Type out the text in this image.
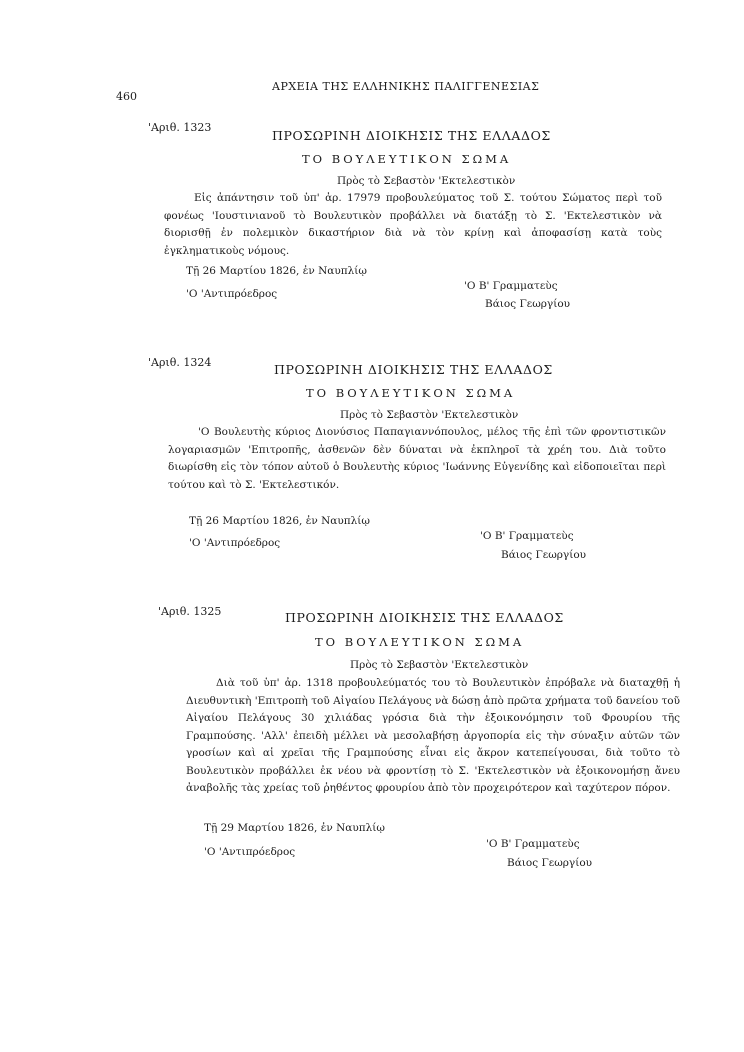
460
ΑΡΧΕΙΑ ΤΗΣ ΕΛΛΗΝΙΚΗΣ ΠΑΛΙΓΓΕΝΕΣΙΑΣ
'Αριθ. 1323
ΠΡΟΣΩΡΙΝΗ ΔΙΟΙΚΗΣΙΣ ΤΗΣ ΕΛΛΑΔΟΣ
ΤΟ ΒΟΥΛΕΥΤΙΚΟΝ ΣΩΜΑ
Πρὸς τὸ Σεβαστὸν 'Εκτελεστικὸν

Εἰς ἀπάντησιν τοῦ ὑπ' ἀρ. 17979 προβουλεύματος τοῦ Σ. τούτου Σώματος περὶ τοῦ φονέως 'Ιουστινιανοῦ τὸ Βουλευτικὸν προβάλλει νὰ διατάξῃ τὸ Σ. 'Εκτελεστικὸν νὰ διορισθῇ ἐν πολεμικὸν δικαστήριον διὰ νὰ τὸν κρίνῃ καὶ ἀποφασίσῃ κατὰ τοὺς ἐγκληματικοὺς νόμους.

Τῇ 26 Μαρτίου 1826, ἐν Ναυπλίῳ
'Ο 'Αντιπρόεδρος
'Ο Β' Γραμματεὺς
Βάιος Γεωργίου
'Αριθ. 1324	ΠΡΟΣΩΡΙΝΗ ΔΙΟΙΚΗΣΙΣ ΤΗΣ ΕΛΛΑΔΟΣ
ΤΟ ΒΟΥΛΕΥΤΙΚΟΝ ΣΩΜΑ
Πρὸς τὸ Σεβαστὸν 'Εκτελεστικὸν

'Ο Βουλευτὴς κύριος Διονύσιος Παπαγιαννόπουλος, μέλος τῆς ἐπὶ τῶν φροντιστικῶν λογαριασμῶν 'Επιτροπῆς, ἀσθενῶν δὲν δύναται νὰ ἐκπληροῖ τὰ χρέη του. Διὰ τοῦτο διωρίσθη εἰς τὸν τόπον αὐτοῦ ὁ Βουλευτὴς κύριος 'Ιωάννης Εὐγενίδης καὶ εἰδοποιεῖται περὶ τούτου καὶ τὸ Σ. 'Εκτελεστικόν.

Τῇ 26 Μαρτίου 1826, ἐν Ναυπλίῳ
'Ο 'Αντιπρόεδρος
'Ο Β' Γραμματεὺς
Βάιος Γεωργίου
'Αριθ. 1325	ΠΡΟΣΩΡΙΝΗ ΔΙΟΙΚΗΣΙΣ ΤΗΣ ΕΛΛΑΔΟΣ
ΤΟ ΒΟΥΛΕΥΤΙΚΟΝ ΣΩΜΑ
Πρὸς τὸ Σεβαστὸν 'Εκτελεστικὸν

Διὰ τοῦ ὑπ' ἀρ. 1318 προβουλεύματός του τὸ Βουλευτικὸν ἐπρόβαλε νὰ διαταχθῇ ἡ Διευθυντικὴ 'Επιτροπὴ τοῦ Αἰγαίου Πελάγους νὰ δώσῃ ἀπὸ πρῶτα χρήματα τοῦ δανείου τοῦ Αἰγαίου Πελάγους 30 χιλιάδας γρόσια διὰ τὴν ἐξοικονόμησιν τοῦ Φρουρίου τῆς Γραμπούσης. 'Αλλ' ἐπειδὴ μέλλει νὰ μεσολαβήσῃ ἀργοπορία εἰς τὴν σύναξιν αὐτῶν τῶν γροσίων καὶ αἱ χρεῖαι τῆς Γραμπούσης εἶναι εἰς ἄκρον κατεπείγουσαι, διὰ τοῦτο τὸ Βουλευτικὸν προβάλλει ἐκ νέου νὰ φροντίσῃ τὸ Σ. 'Εκτελεστικὸν νὰ ἐξοικονομήσῃ ἄνευ ἀναβολῆς τὰς χρείας τοῦ ῥηθέντος φρουρίου ἀπὸ τὸν προχειρότερον καὶ ταχύτερον πόρον.

Τῇ 29 Μαρτίου 1826, ἐν Ναυπλίῳ
'Ο 'Αντιπρόεδρος
'Ο Β' Γραμματεὺς
Βάιος Γεωργίου
